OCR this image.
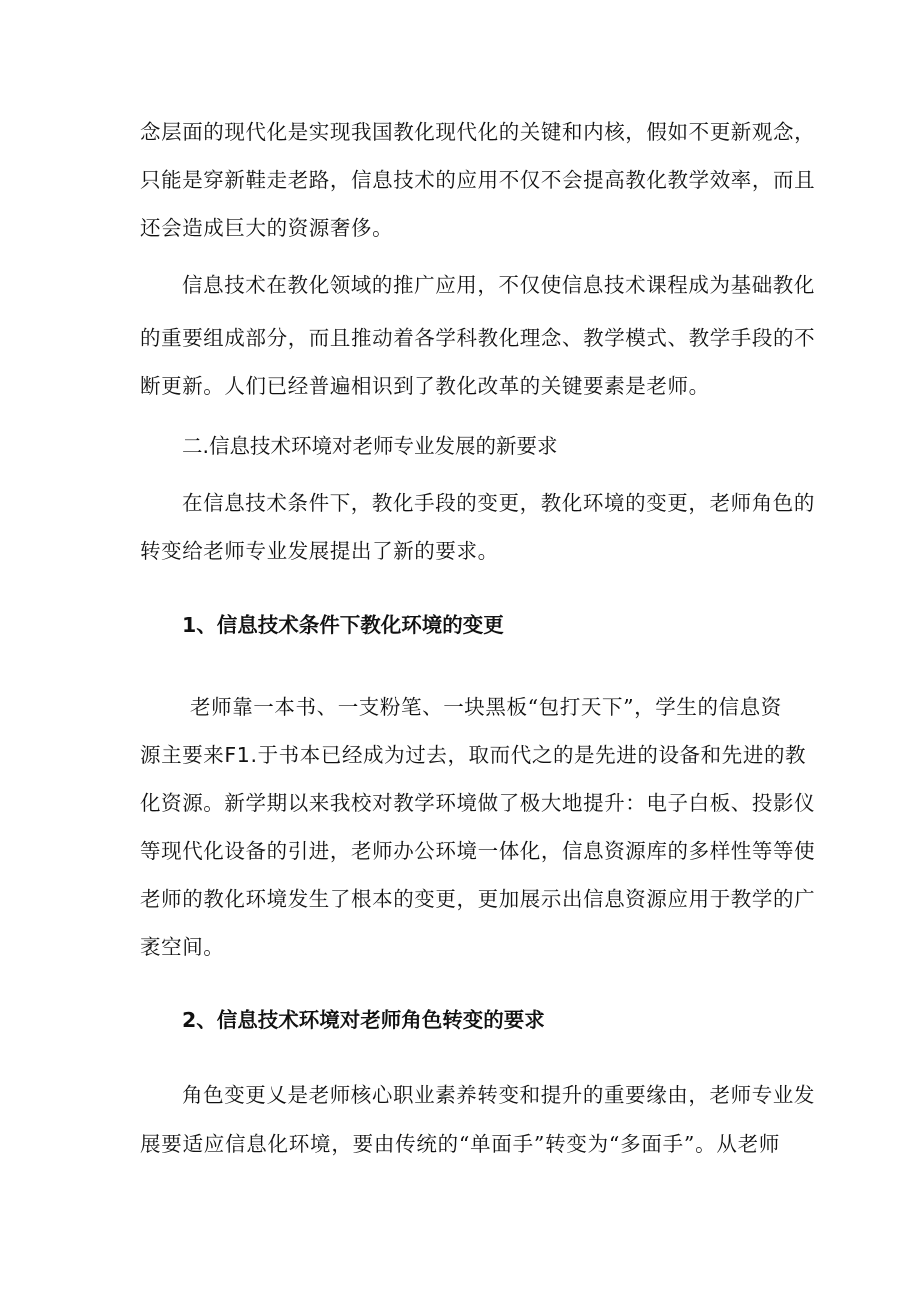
念层面的现代化是实现我国教化现代化的关键和内核，假如不更新观念，
只能是穿新鞋走老路，信息技术的应用不仅不会提高教化教学效率，而且
还会造成巨大的资源奢侈。
信息技术在教化领域的推广应用，不仅使信息技术课程成为基础教化
的重要组成部分，而且推动着各学科教化理念、教学模式、教学手段的不
断更新。人们已经普遍相识到了教化改革的关键要素是老师。
二.信息技术环境对老师专业发展的新要求
在信息技术条件下，教化手段的变更，教化环境的变更，老师角色的
转变给老师专业发展提出了新的要求。
1、信息技术条件下教化环境的变更
老师靠一本书、一支粉笔、一块黑板“包打天下”，学生的信息资
源主要来F1.于书本已经成为过去，取而代之的是先进的设备和先进的教
化资源。新学期以来我校对教学环境做了极大地提升：电子白板、投影仪
等现代化设备的引进，老师办公环境一体化，信息资源库的多样性等等使
老师的教化环境发生了根本的变更，更加展示出信息资源应用于教学的广
袤空间。
2、信息技术环境对老师角色转变的要求
角色变更乂是老师核心职业素养转变和提升的重要缘由，老师专业发
展要适应信息化环境，要由传统的“单面手”转变为“多面手”。从老师
